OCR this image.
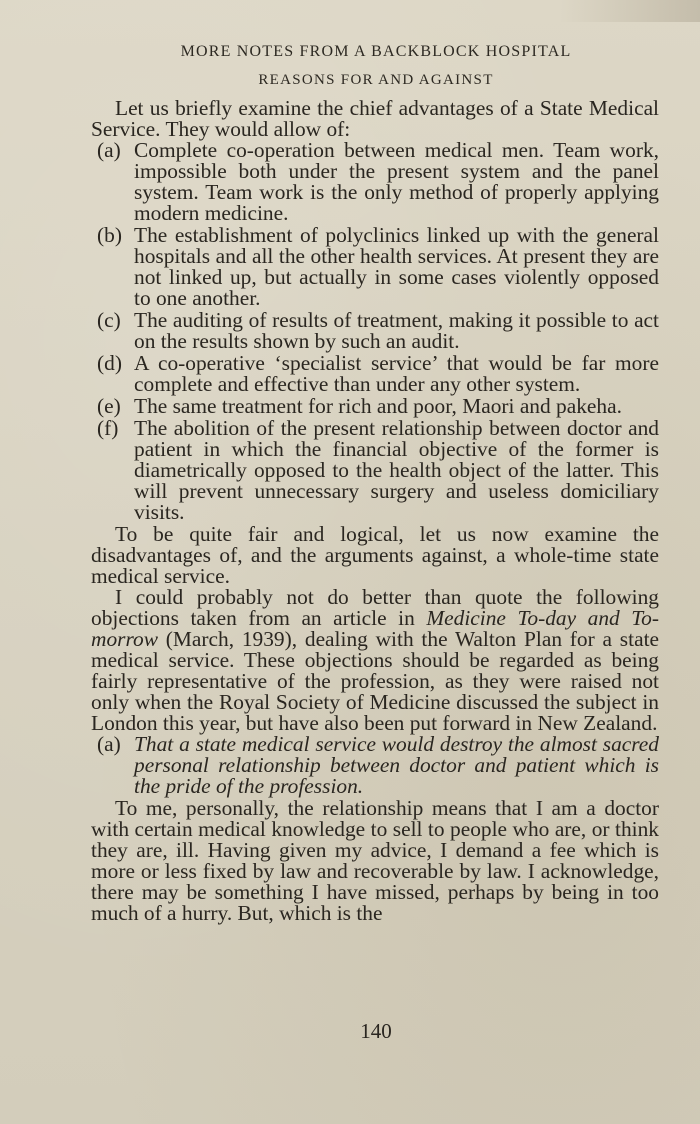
MORE NOTES FROM A BACKBLOCK HOSPITAL
REASONS FOR AND AGAINST

Let us briefly examine the chief advantages of a State Medical Service. They would allow of:

(a) Complete co-operation between medical men. Team work, impossible both under the present system and the panel system. Team work is the only method of properly applying modern medicine.
(b) The establishment of polyclinics linked up with the general hospitals and all the other health services. At present they are not linked up, but actually in some cases violently opposed to one another.
(c) The auditing of results of treatment, making it possible to act on the results shown by such an audit.
(d) A co-operative ‘specialist service’ that would be far more complete and effective than under any other system.
(e) The same treatment for rich and poor, Maori and pakeha.
(f) The abolition of the present relationship between doctor and patient in which the financial objective of the former is diametrically opposed to the health object of the latter. This will prevent unnecessary surgery and useless domiciliary visits.

To be quite fair and logical, let us now examine the disadvantages of, and the arguments against, a whole-time state medical service.

I could probably not do better than quote the following objections taken from an article in Medicine To-day and To-morrow (March, 1939), dealing with the Walton Plan for a state medical service. These objections should be regarded as being fairly representative of the profession, as they were raised not only when the Royal Society of Medicine discussed the subject in London this year, but have also been put forward in New Zealand.

(a) That a state medical service would destroy the almost sacred personal relationship between doctor and patient which is the pride of the profession.

To me, personally, the relationship means that I am a doctor with certain medical knowledge to sell to people who are, or think they are, ill. Having given my advice, I demand a fee which is more or less fixed by law and recoverable by law. I acknowledge, there may be something I have missed, perhaps by being in too much of a hurry. But, which is the

140
